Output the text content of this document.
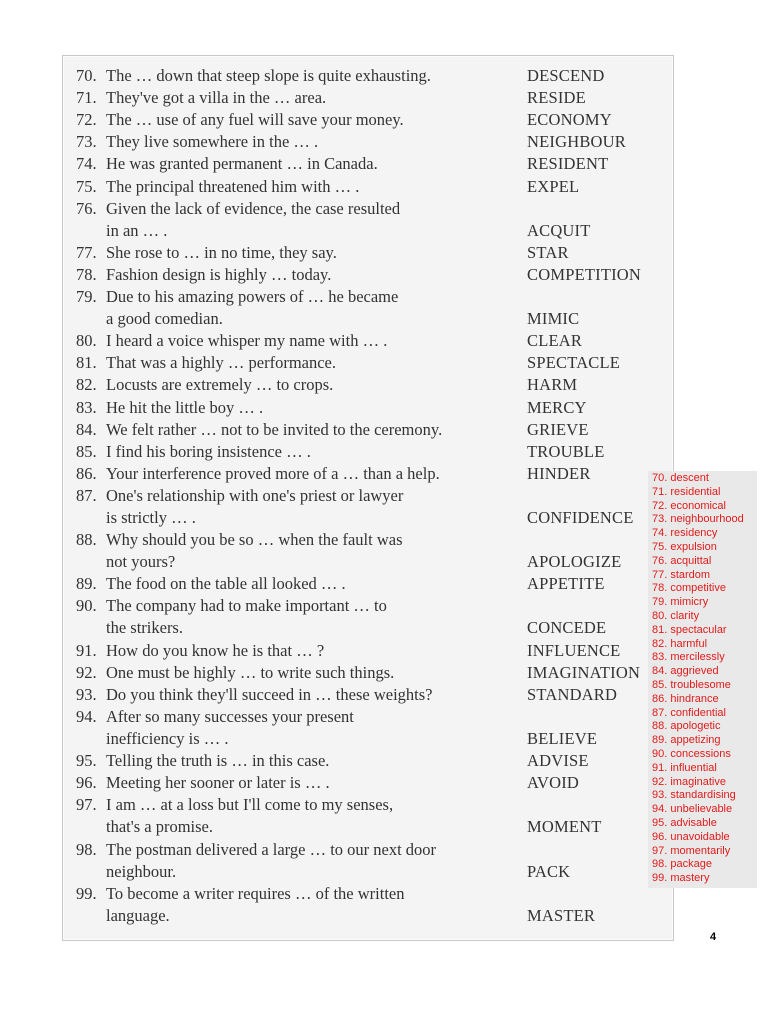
70. The … down that steep slope is quite exhausting.	DESCEND
71. They've got a villa in the … area.	RESIDE
72. The … use of any fuel will save your money.	ECONOMY
73. They live somewhere in the … .	NEIGHBOUR
74. He was granted permanent … in Canada.	RESIDENT
75. The principal threatened him with … .	EXPEL
76. Given the lack of evidence, the case resulted
in an … .	ACQUIT
77. She rose to … in no time, they say.	STAR
78. Fashion design is highly … today.	COMPETITION
79. Due to his amazing powers of … he became
a good comedian.	MIMIC
80. I heard a voice whisper my name with … .	CLEAR
81. That was a highly … performance.	SPECTACLE
82. Locusts are extremely … to crops.	HARM
83. He hit the little boy … .	MERCY
84. We felt rather … not to be invited to the ceremony.	GRIEVE
85. I find his boring insistence … .	TROUBLE
86. Your interference proved more of a … than a help.	HINDER
87. One's relationship with one's priest or lawyer
is strictly … .	CONFIDENCE
88. Why should you be so … when the fault was
not yours?	APOLOGIZE
89. The food on the table all looked … .	APPETITE
90. The company had to make important … to
the strikers.	CONCEDE
91. How do you know he is that … ?	INFLUENCE
92. One must be highly … to write such things.	IMAGINATION
93. Do you think they'll succeed in … these weights?	STANDARD
94. After so many successes your present
inefficiency is … .	BELIEVE
95. Telling the truth is … in this case.	ADVISE
96. Meeting her sooner or later is … .	AVOID
97. I am … at a loss but I'll come to my senses,
that's a promise.	MOMENT
98. The postman delivered a large … to our next door
neighbour.	PACK
99. To become a writer requires … of the written
language.	MASTER
70. descent
71. residential
72. economical
73. neighbourhood
74. residency
75. expulsion
76. acquittal
77. stardom
78. competitive
79. mimicry
80. clarity
81. spectacular
82. harmful
83. mercilessly
84. aggrieved
85. troublesome
86. hindrance
87. confidential
88. apologetic
89. appetizing
90. concessions
91. influential
92. imaginative
93. standardising
94. unbelievable
95. advisable
96. unavoidable
97. momentarily
98. package
99. mastery
4
